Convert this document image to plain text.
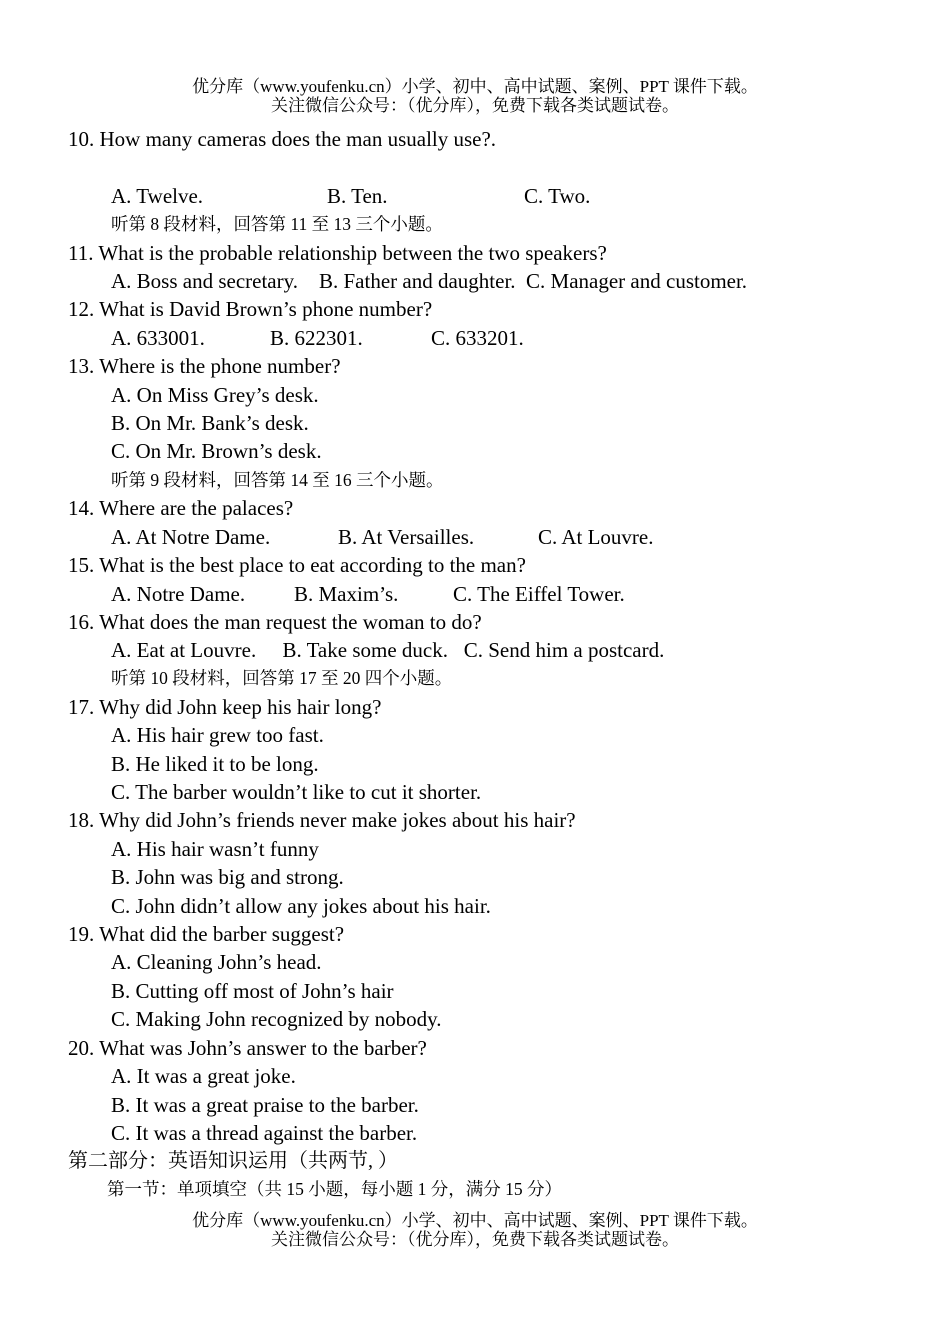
优分库（www.youfenku.cn）小学、初中、高中试题、案例、PPT 课件下载。
关注微信公众号：（优分库），免费下载各类试题试卷。
10. How many cameras does the man usually use?.
A. Twelve.	B. Ten.	C. Two.
听第 8 段材料，回答第 11 至 13 三个小题。
11. What is the probable relationship between the two speakers?
A. Boss and secretary.    B. Father and daughter.  C. Manager and customer.
12. What is David Brown’s phone number?
A. 633001.	B. 622301.	C. 633201.
13. Where is the phone number?
A. On Miss Grey’s desk.
B. On Mr. Bank’s desk.
C. On Mr. Brown’s desk.
听第 9 段材料，回答第 14 至 16 三个小题。
14. Where are the palaces?
A. At Notre Dame.	B. At Versailles.	C. At Louvre.
15. What is the best place to eat according to the man?
A. Notre Dame. B. Maxim’s.	C. The Eiffel Tower.
16. What does the man request the woman to do?
A. Eat at Louvre.     B. Take some duck.   C. Send him a postcard.
听第 10 段材料，回答第 17 至 20 四个小题。
17. Why did John keep his hair long?
A. His hair grew too fast.
B. He liked it to be long.
C. The barber wouldn’t like to cut it shorter.
18. Why did John’s friends never make jokes about his hair?
A. His hair wasn’t funny
B. John was big and strong.
C. John didn’t allow any jokes about his hair.
19. What did the barber suggest?
A. Cleaning John’s head.
B. Cutting off most of John’s hair
C. Making John recognized by nobody.
20. What was John’s answer to the barber?
A. It was a great joke.
B. It was a great praise to the barber.
C. It was a thread against the barber.
第二部分：英语知识运用（共两节, ）
第一节：单项填空（共 15 小题，每小题 1 分，满分 15 分）
优分库（www.youfenku.cn）小学、初中、高中试题、案例、PPT 课件下载。
关注微信公众号：（优分库），免费下载各类试题试卷。
